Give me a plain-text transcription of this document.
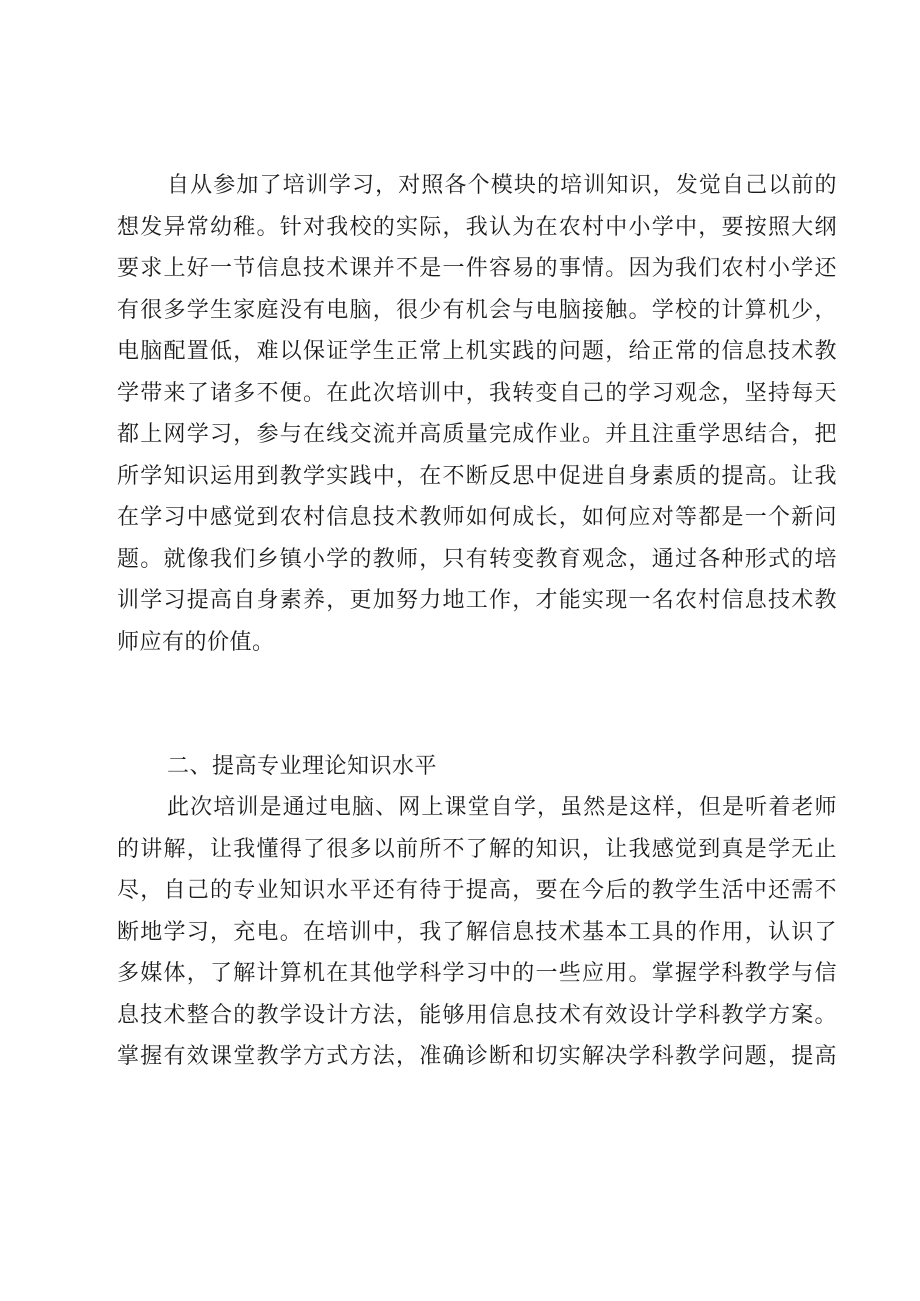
自从参加了培训学习，对照各个模块的培训知识，发觉自己以前的
想发异常幼稚。针对我校的实际，我认为在农村中小学中，要按照大纲
要求上好一节信息技术课并不是一件容易的事情。因为我们农村小学还
有很多学生家庭没有电脑，很少有机会与电脑接触。学校的计算机少，
电脑配置低，难以保证学生正常上机实践的问题，给正常的信息技术教
学带来了诸多不便。在此次培训中，我转变自己的学习观念，坚持每天
都上网学习，参与在线交流并高质量完成作业。并且注重学思结合，把
所学知识运用到教学实践中，在不断反思中促进自身素质的提高。让我
在学习中感觉到农村信息技术教师如何成长，如何应对等都是一个新问
题。就像我们乡镇小学的教师，只有转变教育观念，通过各种形式的培
训学习提高自身素养，更加努力地工作，才能实现一名农村信息技术教
师应有的价值。
二、提高专业理论知识水平
此次培训是通过电脑、网上课堂自学，虽然是这样，但是听着老师
的讲解，让我懂得了很多以前所不了解的知识，让我感觉到真是学无止
尽，自己的专业知识水平还有待于提高，要在今后的教学生活中还需不
断地学习，充电。在培训中，我了解信息技术基本工具的作用，认识了
多媒体，了解计算机在其他学科学习中的一些应用。掌握学科教学与信
息技术整合的教学设计方法，能够用信息技术有效设计学科教学方案。
掌握有效课堂教学方式方法，准确诊断和切实解决学科教学问题，提高
